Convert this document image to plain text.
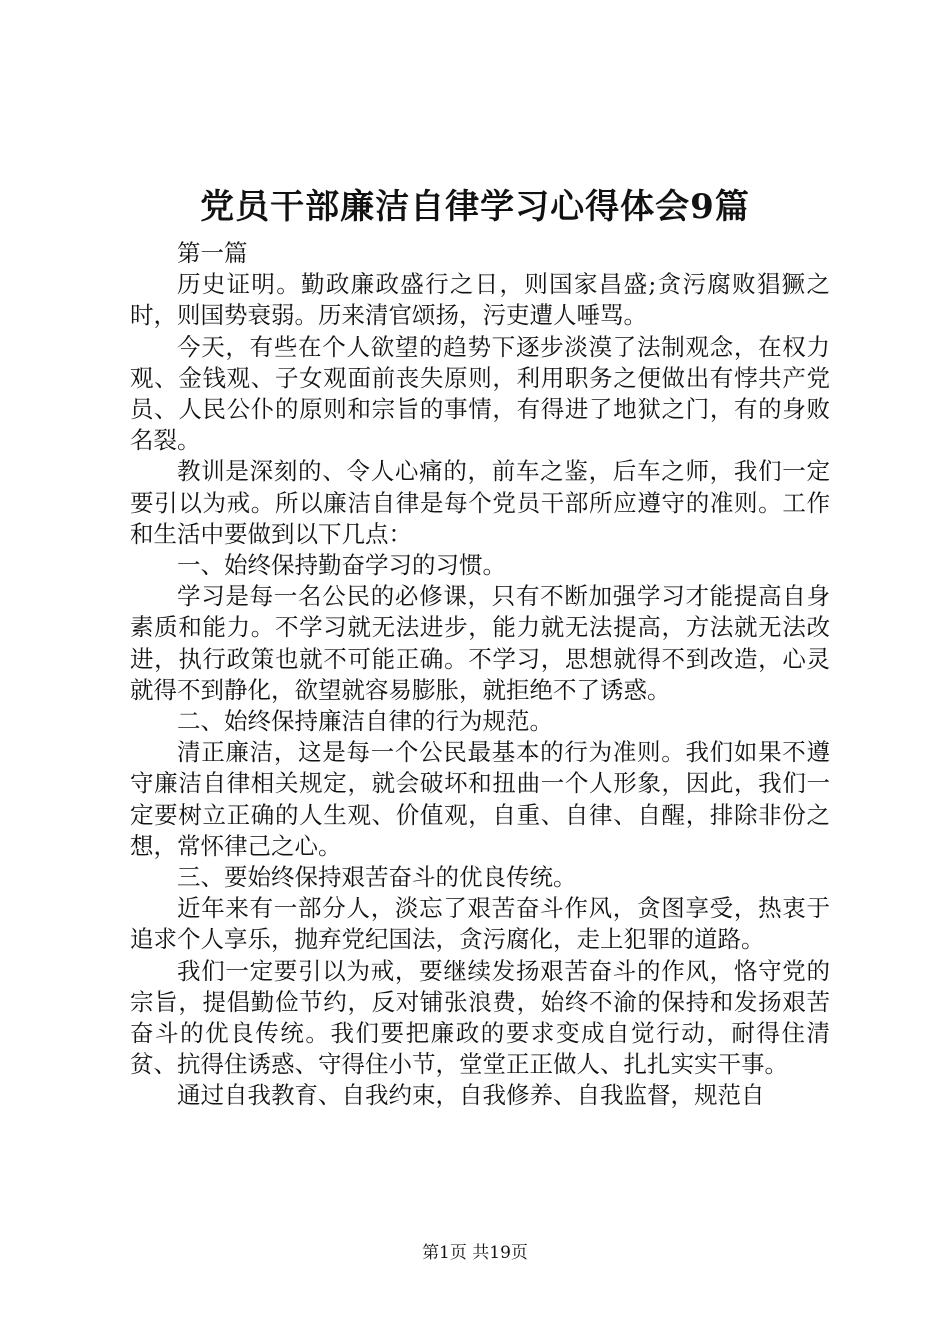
党员干部廉洁自律学习心得体会9篇

第一篇

历史证明。勤政廉政盛行之日，则国家昌盛;贪污腐败猖獗之时，则国势衰弱。历来清官颂扬，污吏遭人唾骂。

今天，有些在个人欲望的趋势下逐步淡漠了法制观念，在权力观、金钱观、子女观面前丧失原则，利用职务之便做出有悖共产党员、人民公仆的原则和宗旨的事情，有得进了地狱之门，有的身败名裂。

教训是深刻的、令人心痛的，前车之鉴，后车之师，我们一定要引以为戒。所以廉洁自律是每个党员干部所应遵守的准则。工作和生活中要做到以下几点：

一、始终保持勤奋学习的习惯。

学习是每一名公民的必修课，只有不断加强学习才能提高自身素质和能力。不学习就无法进步，能力就无法提高，方法就无法改进，执行政策也就不可能正确。不学习，思想就得不到改造，心灵就得不到静化，欲望就容易膨胀，就拒绝不了诱惑。

二、始终保持廉洁自律的行为规范。

清正廉洁，这是每一个公民最基本的行为准则。我们如果不遵守廉洁自律相关规定，就会破坏和扭曲一个人形象，因此，我们一定要树立正确的人生观、价值观，自重、自律、自醒，排除非份之想，常怀律己之心。

三、要始终保持艰苦奋斗的优良传统。

近年来有一部分人，淡忘了艰苦奋斗作风，贪图享受，热衷于追求个人享乐，抛弃党纪国法，贪污腐化，走上犯罪的道路。

我们一定要引以为戒，要继续发扬艰苦奋斗的作风，恪守党的宗旨，提倡勤俭节约，反对铺张浪费，始终不渝的保持和发扬艰苦奋斗的优良传统。我们要把廉政的要求变成自觉行动，耐得住清贫、抗得住诱惑、守得住小节，堂堂正正做人、扎扎实实干事。

通过自我教育、自我约束，自我修养、自我监督，规范自

第1页 共19页
